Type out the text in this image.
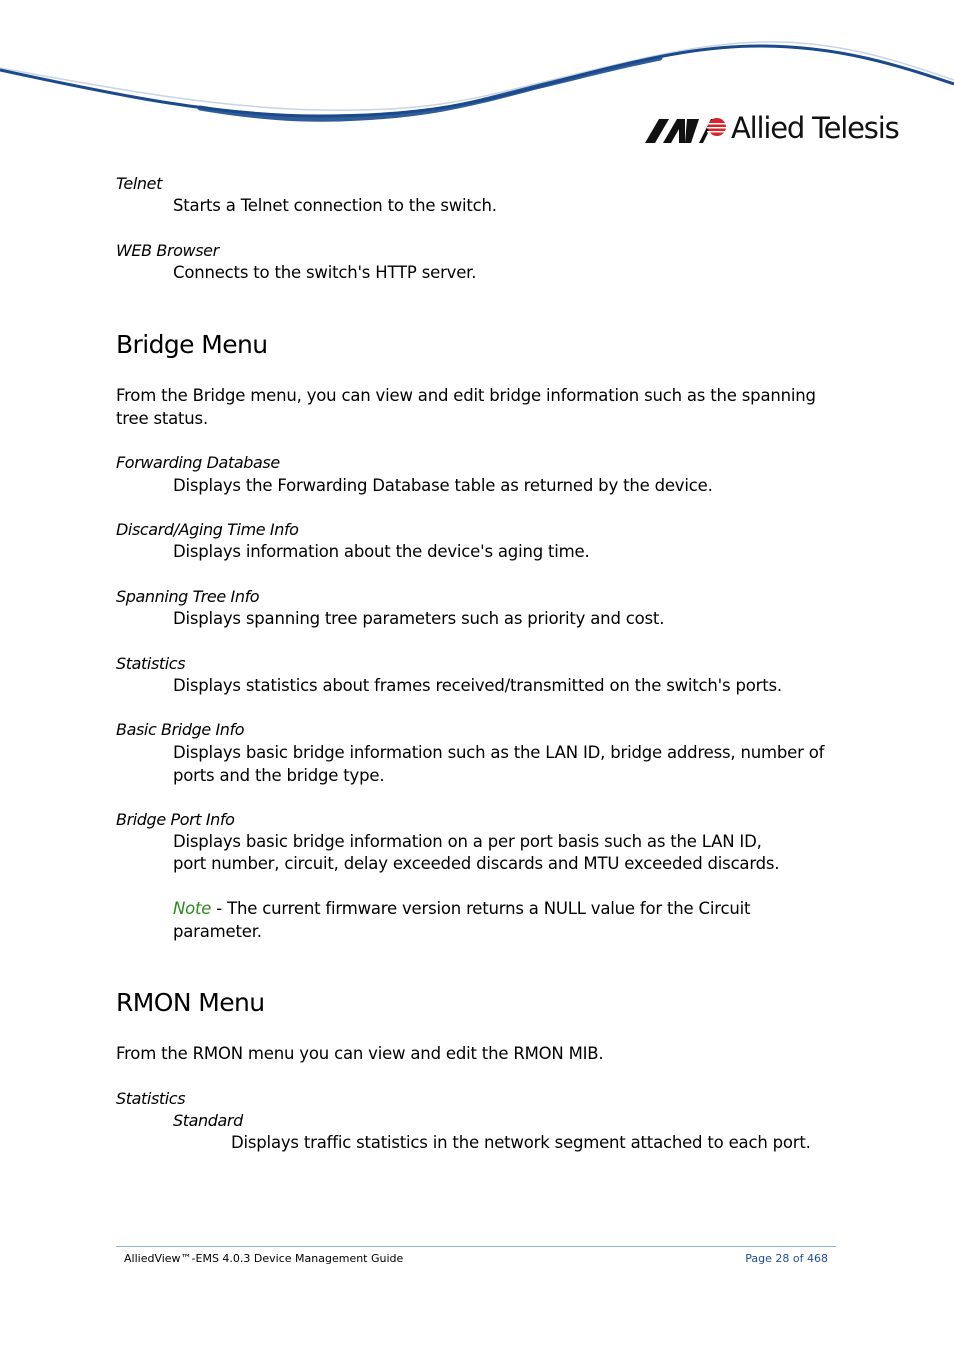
Allied Telesis
Telnet
Starts a Telnet connection to the switch.
WEB Browser
Connects to the switch's HTTP server.
Bridge Menu
From the Bridge menu, you can view and edit bridge information such as the spanning tree status.
Forwarding Database
Displays the Forwarding Database table as returned by the device.
Discard/Aging Time Info
Displays information about the device's aging time.
Spanning Tree Info
Displays spanning tree parameters such as priority and cost.
Statistics
Displays statistics about frames received/transmitted on the switch's ports.
Basic Bridge Info
Displays basic bridge information such as the LAN ID, bridge address, number of ports and the bridge type.
Bridge Port Info
Displays basic bridge information on a per port basis such as the LAN ID,
port number, circuit, delay exceeded discards and MTU exceeded discards.
Note - The current firmware version returns a NULL value for the Circuit parameter.
RMON Menu
From the RMON menu you can view and edit the RMON MIB.
Statistics
Standard
Displays traffic statistics in the network segment attached to each port.
AlliedView™-EMS 4.0.3 Device Management Guide	Page 28 of 468
